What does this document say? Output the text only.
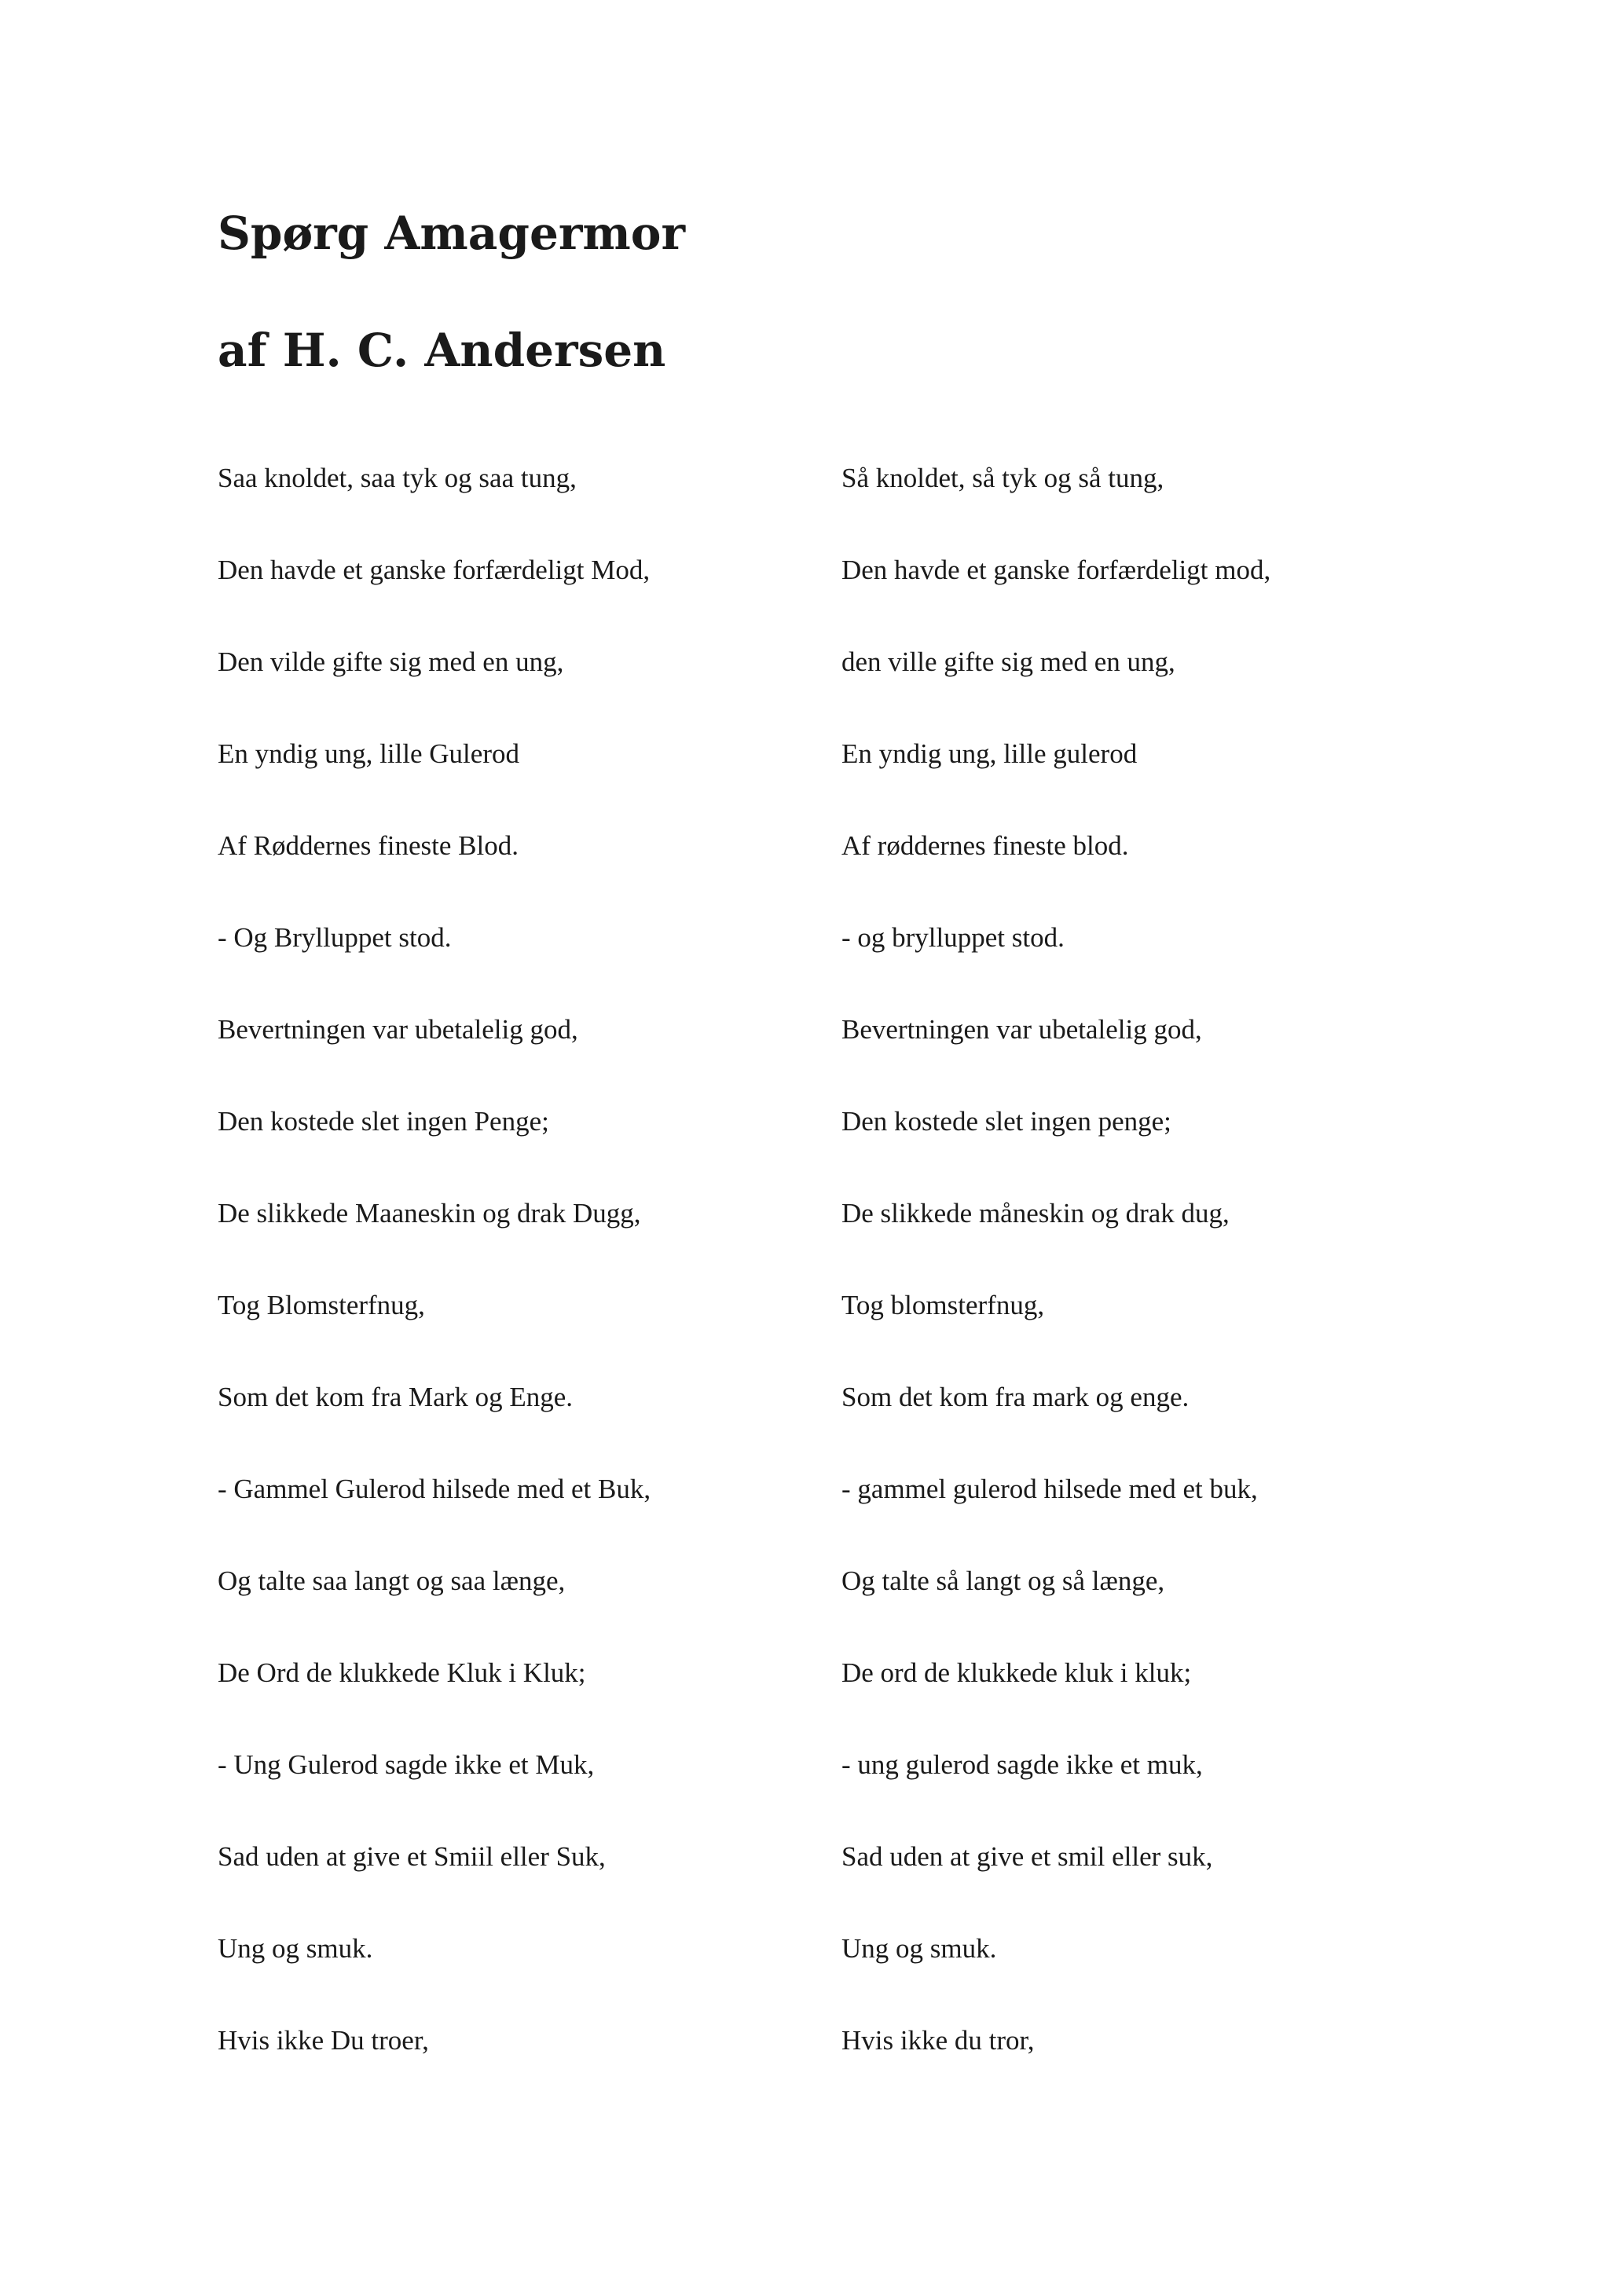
Spørg Amagermor
af H. C. Andersen
Saa knoldet, saa tyk og saa tung,
Den havde et ganske forfærdeligt Mod,
Den vilde gifte sig med en ung,
En yndig ung, lille Gulerod
Af Røddernes fineste Blod.
- Og Brylluppet stod.
Bevertningen var ubetalelig god,
Den kostede slet ingen Penge;
De slikkede Maaneskin og drak Dugg,
Tog Blomsterfnug,
Som det kom fra Mark og Enge.
- Gammel Gulerod hilsede med et Buk,
Og talte saa langt og saa længe,
De Ord de klukkede Kluk i Kluk;
- Ung Gulerod sagde ikke et Muk,
Sad uden at give et Smiil eller Suk,
Ung og smuk.
Hvis ikke Du troer,
Så knoldet, så tyk og så tung,
Den havde et ganske forfærdeligt mod,
den ville gifte sig med en ung,
En yndig ung, lille gulerod
Af røddernes fineste blod.
- og brylluppet stod.
Bevertningen var ubetalelig god,
Den kostede slet ingen penge;
De slikkede måneskin og drak dug,
Tog blomsterfnug,
Som det kom fra mark og enge.
- gammel gulerod hilsede med et buk,
Og talte så langt og så længe,
De ord de klukkede kluk i kluk;
- ung gulerod sagde ikke et muk,
Sad uden at give et smil eller suk,
Ung og smuk.
Hvis ikke du tror,
